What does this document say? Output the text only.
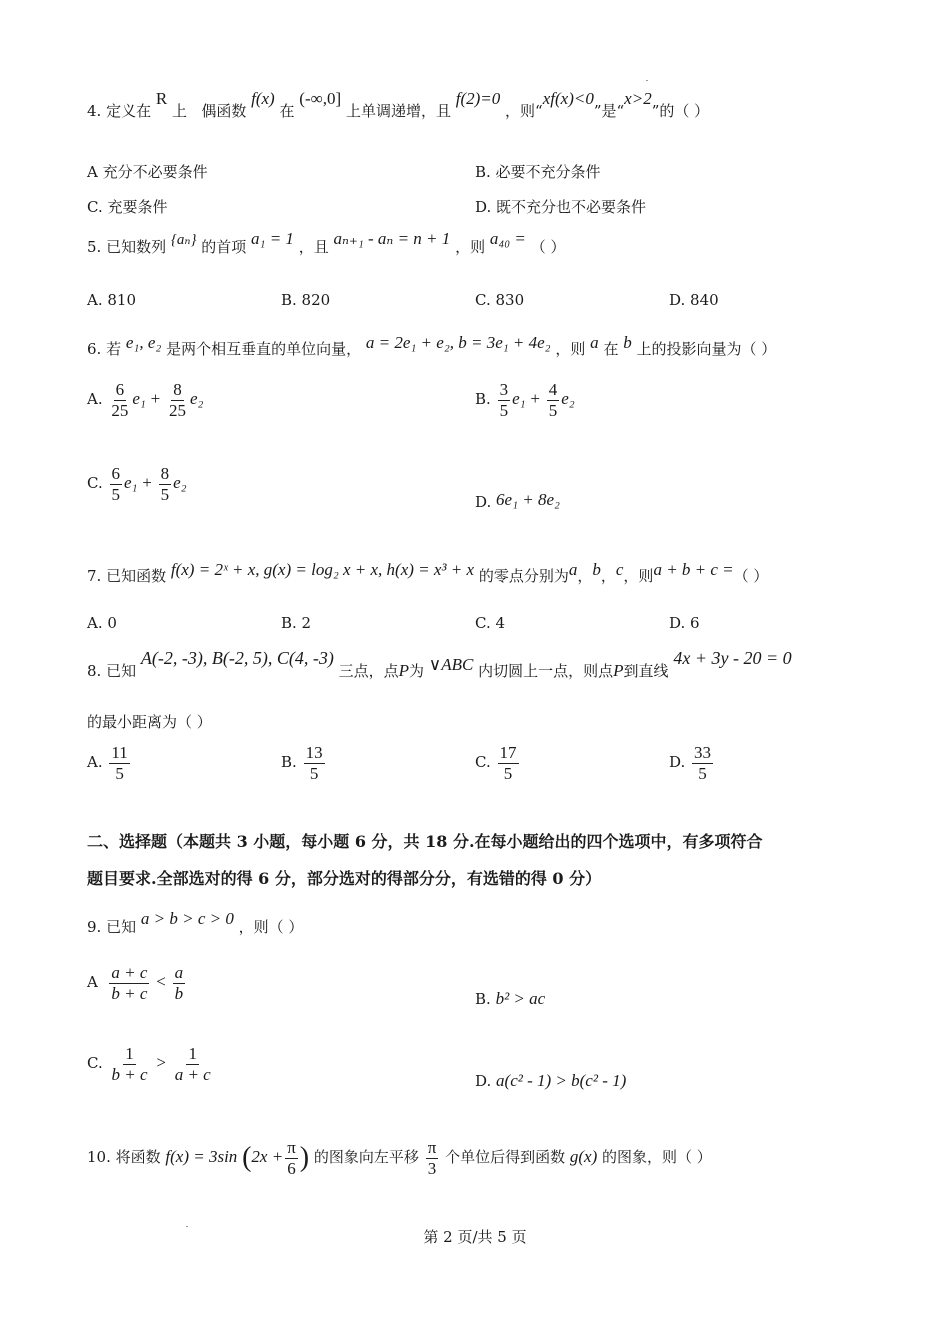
4. 定义在 R 上 偶函数 f(x) 在 (-∞,0] 上单调递增，且 f(2)=0 ，则“xf(x)<0”是“x>2”的（ ）
A 充分不必要条件	B. 必要不充分条件
C. 充要条件	D. 既不充分也不必要条件
5. 已知数列 {aₙ} 的首项 a₁ = 1 ，且 aₙ₊₁ - aₙ = n + 1 ，则 a₄₀ = （ ）
A. 810	B. 820	C. 830	D. 840
6. 若 e₁, e₂ 是两个相互垂直的单位向量， a = 2e₁ + e₂, b = 3e₁ + 4e₂ ，则 a 在 b 上的投影向量为（ ）
A. $\frac{6}{25} e_1 + \frac{8}{25} e_2$	B. $\frac{3}{5} e_1 + \frac{4}{5} e_2$
C. $\frac{6}{5} e_1 + \frac{8}{5} e_2$
D. 6e₁ + 8e₂
7. 已知函数 f(x) = 2ˣ + x, g(x) = log₂ x + x, h(x) = x³ + x 的零点分别为a，b，c，则a + b + c =（ ）
A. 0	B. 2	C. 4	D. 6
8. 已知 A(-2, -3), B(-2, 5), C(4, -3) 三点，点P为 ∨ABC 内切圆上一点，则点P到直线 4x + 3y - 20 = 0
的最小距离为（ ）
A. $\frac{11}{5}$	B. $\frac{13}{5}$	C. $\frac{17}{5}$	D. $\frac{33}{5}$
二、选择题（本题共 3 小题，每小题 6 分，共 18 分.在每小题给出的四个选项中，有多项符合
题目要求.全部选对的得 6 分，部分选对的得部分分，有选错的得 0 分）
9. 已知 a > b > c > 0 ，则（ ）
A $\frac{a + c}{b + c} < \frac{a}{b}$	B. b² > ac
C. $\frac{1}{b + c} > \frac{1}{a + c}$	D. a(c² - 1) > b(c² - 1)
10. 将函数 f(x) = 3sin ($2x + \frac{\pi}{6}$ ) 的图象向左平移 $\frac{\pi}{3}$ 个单位后得到函数 g(x) 的图象，则（ ）
第 2 页/共 5 页
